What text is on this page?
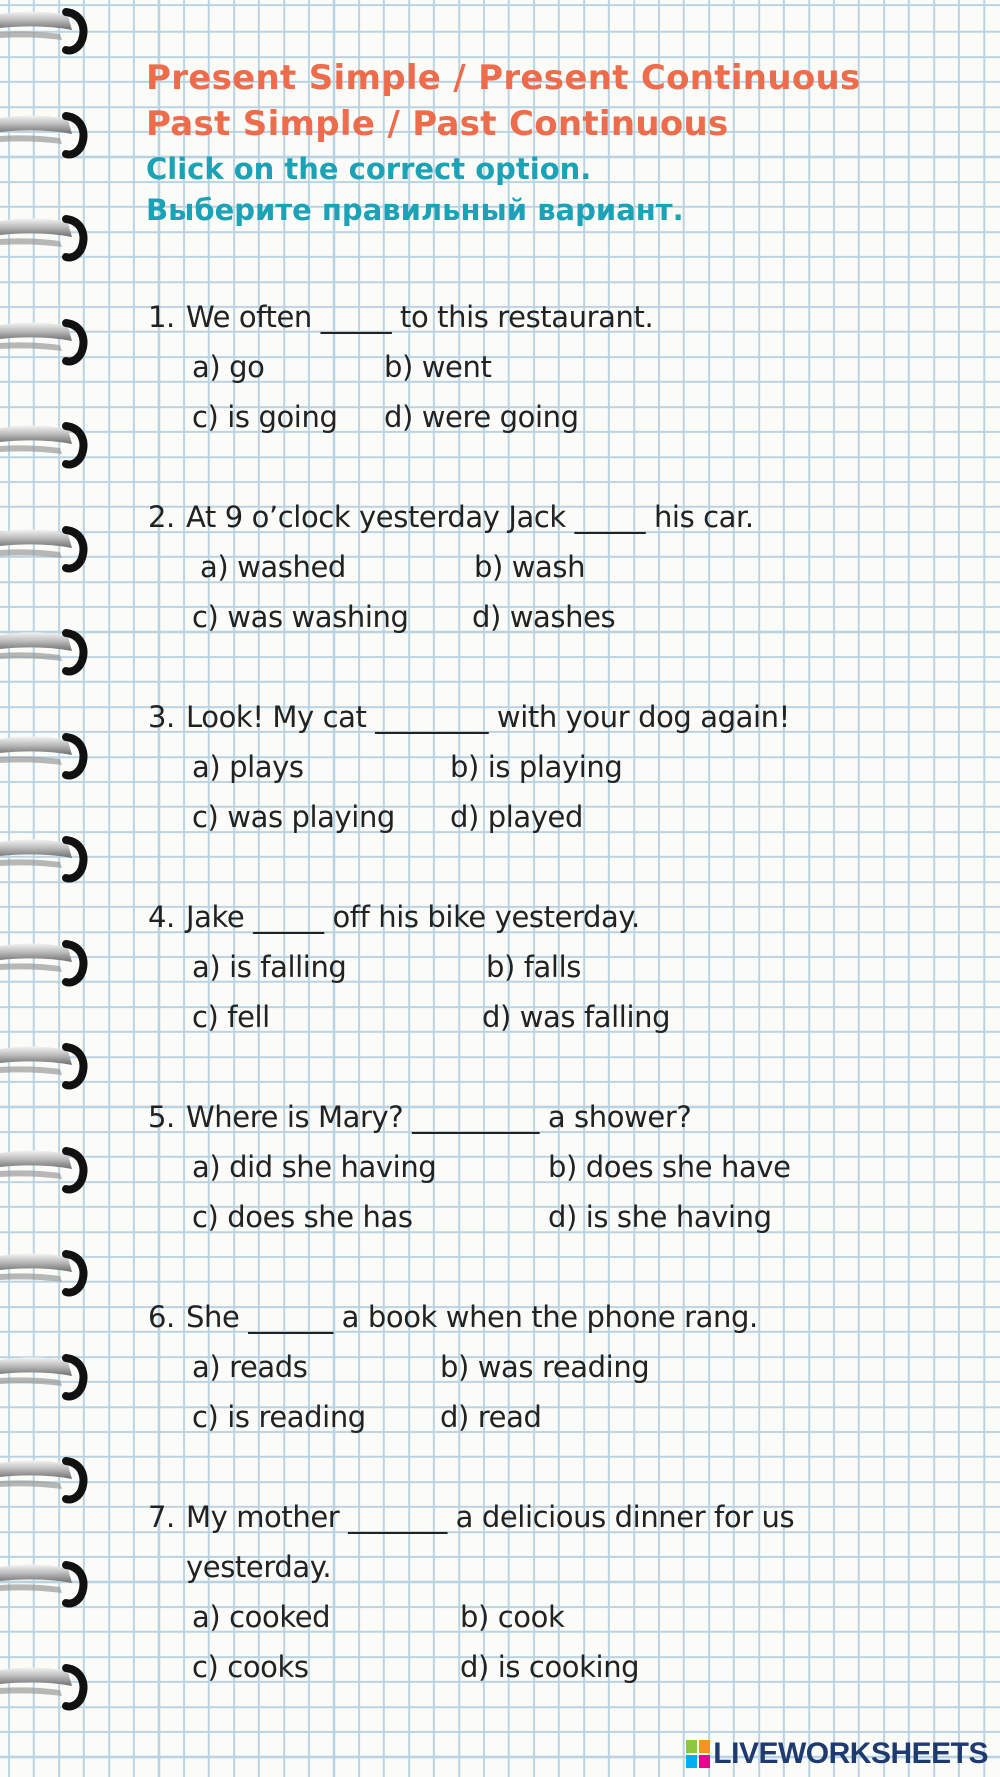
Present Simple / Present Continuous
Past Simple / Past Continuous
Click on the correct option.
Выберите правильный вариант.
1. We often _____ to this restaurant.
a) go	b) went
c) is going d) were going
2. At 9 o’clock yesterday Jack _____ his car.
a) washed	b) wash
c) was washing d) washes
3. Look! My cat ________ with your dog again!
a) plays	b) is playing
c) was playing d) played
4. Jake _____ off his bike yesterday.
a) is falling	b) falls
c) fell	d) was falling
5. Where is Mary? _________ a shower?
a) did she having	b) does she have
c) does she has	d) is she having
6. She ______ a book when the phone rang.
a) reads	b) was reading
c) is reading	d) read
7. My mother _______ a delicious dinner for us
yesterday.
a) cooked	b) cook
c) cooks	d) is cooking
LIVEWORKSHEETS
